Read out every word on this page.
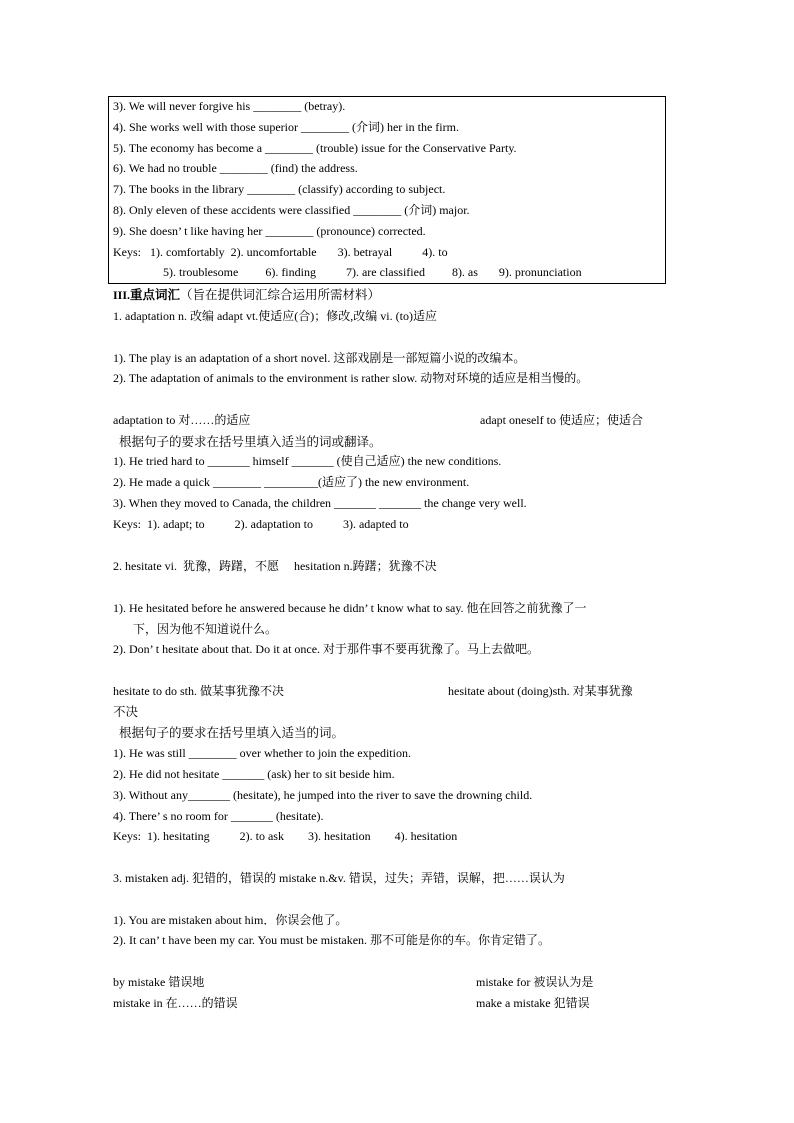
3). We will never forgive his ________ (betray).
4). She works well with those superior ________ (介词) her in the firm.
5). The economy has become a ________ (trouble) issue for the Conservative Party.
6). We had no trouble ________ (find) the address.
7). The books in the library ________ (classify) according to subject.
8). Only eleven of these accidents were classified ________ (介词) major.
9). She doesn’ t like having her ________ (pronounce) corrected.
Keys:   1). comfortably  2). uncomfortable       3). betrayal          4). to
5). troublesome         6). finding          7). are classified         8). as       9). pronunciation
III.重点词汇（旨在提供词汇综合运用所需材料）
1. adaptation n. 改编 adapt vt.使适应(合)；修改,改编 vi. (to)适应
1). The play is an adaptation of a short novel. 这部戏剧是一部短篇小说的改编本。
2). The adaptation of animals to the environment is rather slow. 动物对环境的适应是相当慢的。
adaptation to 对……的适应	adapt oneself to 使适应；使适合
根据句子的要求在括号里填入适当的词或翻译。
1). He tried hard to _______ himself _______ (使自己适应) the new conditions.
2). He made a quick ________ _________(适应了) the new environment.
3). When they moved to Canada, the children _______ _______ the change very well.
Keys:  1). adapt; to          2). adaptation to          3). adapted to
2. hesitate vi.  犹豫，踌躇，不愿     hesitation n.踌躇；犹豫不决
1). He hesitated before he answered because he didn’ t know what to say. 他在回答之前犹豫了一
下，因为他不知道说什么。
2). Don’ t hesitate about that. Do it at once. 对于那件事不要再犹豫了。马上去做吧。
hesitate to do sth. 做某事犹豫不决	hesitate about (doing)sth. 对某事犹豫
不决
根据句子的要求在括号里填入适当的词。
1). He was still ________ over whether to join the expedition.
2). He did not hesitate _______ (ask) her to sit beside him.
3). Without any_______ (hesitate), he jumped into the river to save the drowning child.
4). There’ s no room for _______ (hesitate).
Keys:  1). hesitating          2). to ask        3). hesitation        4). hesitation
3. mistaken adj. 犯错的，错误的 mistake n.&v. 错误，过失；弄错，误解，把……误认为
1). You are mistaken about him．你误会他了。
2). It can’ t have been my car. You must be mistaken. 那不可能是你的车。你肯定错了。
by mistake 错误地	mistake for 被误认为是
mistake in 在……的错误	make a mistake 犯错误
